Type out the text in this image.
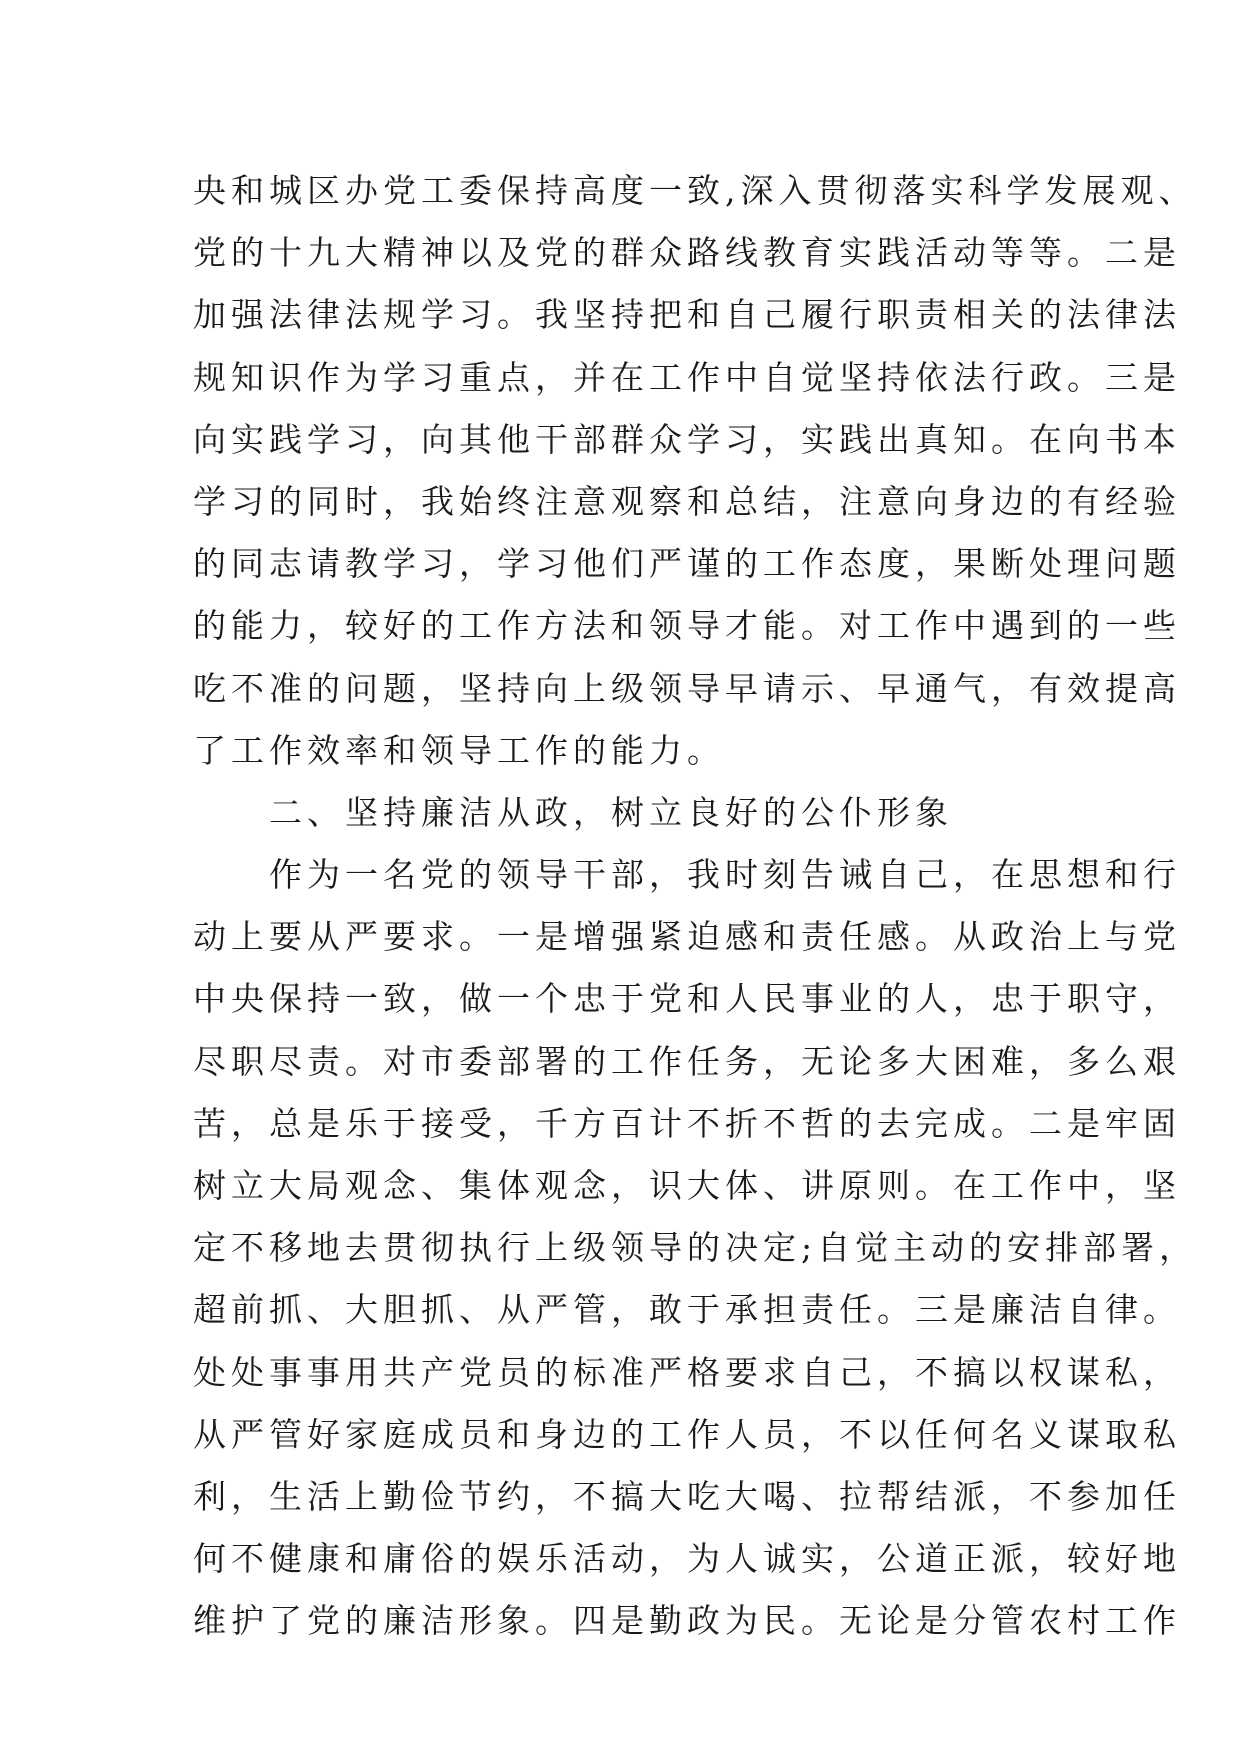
央和城区办党工委保持高度一致,深入贯彻落实科学发展观、
党的十九大精神以及党的群众路线教育实践活动等等。二是
加强法律法规学习。我坚持把和自己履行职责相关的法律法
规知识作为学习重点，并在工作中自觉坚持依法行政。三是
向实践学习，向其他干部群众学习，实践出真知。在向书本
学习的同时，我始终注意观察和总结，注意向身边的有经验
的同志请教学习，学习他们严谨的工作态度，果断处理问题
的能力，较好的工作方法和领导才能。对工作中遇到的一些
吃不准的问题，坚持向上级领导早请示、早通气，有效提高
了工作效率和领导工作的能力。
　　二、坚持廉洁从政，树立良好的公仆形象
　　作为一名党的领导干部，我时刻告诫自己，在思想和行
动上要从严要求。一是增强紧迫感和责任感。从政治上与党
中央保持一致，做一个忠于党和人民事业的人，忠于职守，
尽职尽责。对市委部署的工作任务，无论多大困难，多么艰
苦，总是乐于接受，千方百计不折不哲的去完成。二是牢固
树立大局观念、集体观念，识大体、讲原则。在工作中，坚
定不移地去贯彻执行上级领导的决定;自觉主动的安排部署，
超前抓、大胆抓、从严管，敢于承担责任。三是廉洁自律。
处处事事用共产党员的标准严格要求自己，不搞以权谋私，
从严管好家庭成员和身边的工作人员，不以任何名义谋取私
利，生活上勤俭节约，不搞大吃大喝、拉帮结派，不参加任
何不健康和庸俗的娱乐活动，为人诚实，公道正派，较好地
维护了党的廉洁形象。四是勤政为民。无论是分管农村工作
